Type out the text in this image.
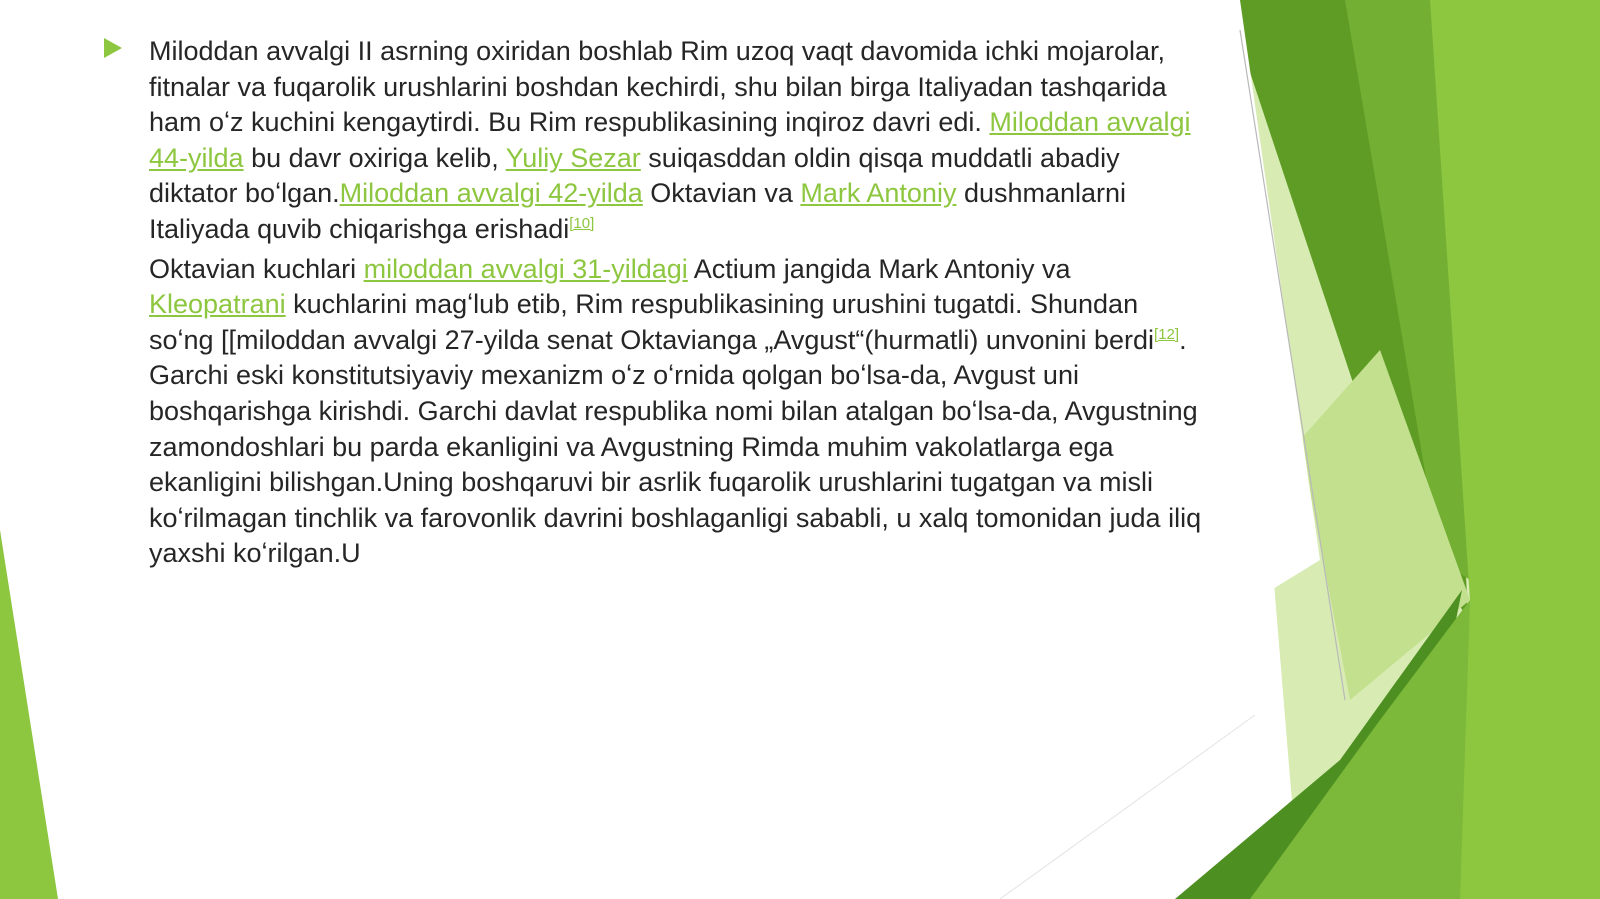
Miloddan avvalgi II asrning oxiridan boshlab Rim uzoq vaqt davomida ichki mojarolar, fitnalar va fuqarolik urushlarini boshdan kechirdi, shu bilan birga Italiyadan tashqarida ham oʻz kuchini kengaytirdi. Bu Rim respublikasining inqiroz davri edi. Miloddan avvalgi 44-yilda bu davr oxiriga kelib, Yuliy Sezar suiqasddan oldin qisqa muddatli abadiy diktator boʻlgan.Miloddan avvalgi 42-yilda Oktavian va Mark Antoniy dushmanlarni Italiyada quvib chiqarishga erishadi[10]

Oktavian kuchlari miloddan avvalgi 31-yildagi Actium jangida Mark Antoniy va Kleopatrani kuchlarini magʻlub etib, Rim respublikasining urushini tugatdi. Shundan soʻng [[miloddan avvalgi 27-yilda senat Oktavianga „Avgust“(hurmatli) unvonini berdi[12]. Garchi eski konstitutsiyaviy mexanizm oʻz oʻrnida qolgan boʻlsa-da, Avgust uni boshqarishga kirishdi. Garchi davlat respublika nomi bilan atalgan boʻlsa-da, Avgustning zamondoshlari bu parda ekanligini va Avgustning Rimda muhim vakolatlarga ega ekanligini bilishgan.Uning boshqaruvi bir asrlik fuqarolik urushlarini tugatgan va misli koʻrilmagan tinchlik va farovonlik davrini boshlaganligi sababli, u xalq tomonidan juda iliq yaxshi koʻrilgan.U
